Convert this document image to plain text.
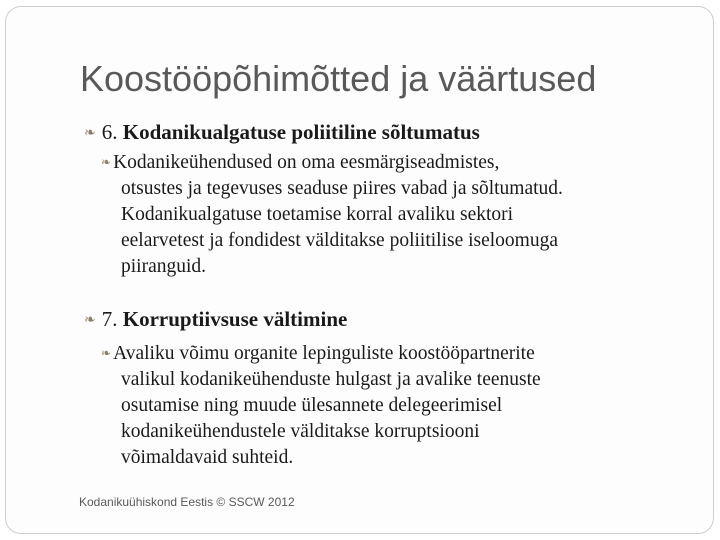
Koostööpõhimõtted ja väärtused
❧ 6. Kodanikualgatuse poliitiline sõltumatus
❧ Kodanikeühendused on oma eesmärgiseadmistes,
otsustes ja tegevuses seaduse piires vabad ja sõltumatud.
Kodanikualgatuse toetamise korral avaliku sektori
eelarvetest ja fondidest välditakse poliitilise iseloomuga
piiranguid.
❧ 7. Korruptiivsuse vältimine
❧ Avaliku võimu organite lepinguliste koostööpartnerite
valikul kodanikeühenduste hulgast ja avalike teenuste
osutamise ning muude ülesannete delegeerimisel
kodanikeühendustele välditakse korruptsiooni
võimaldavaid suhteid.
Kodanikuühiskond Eestis © SSCW 2012
